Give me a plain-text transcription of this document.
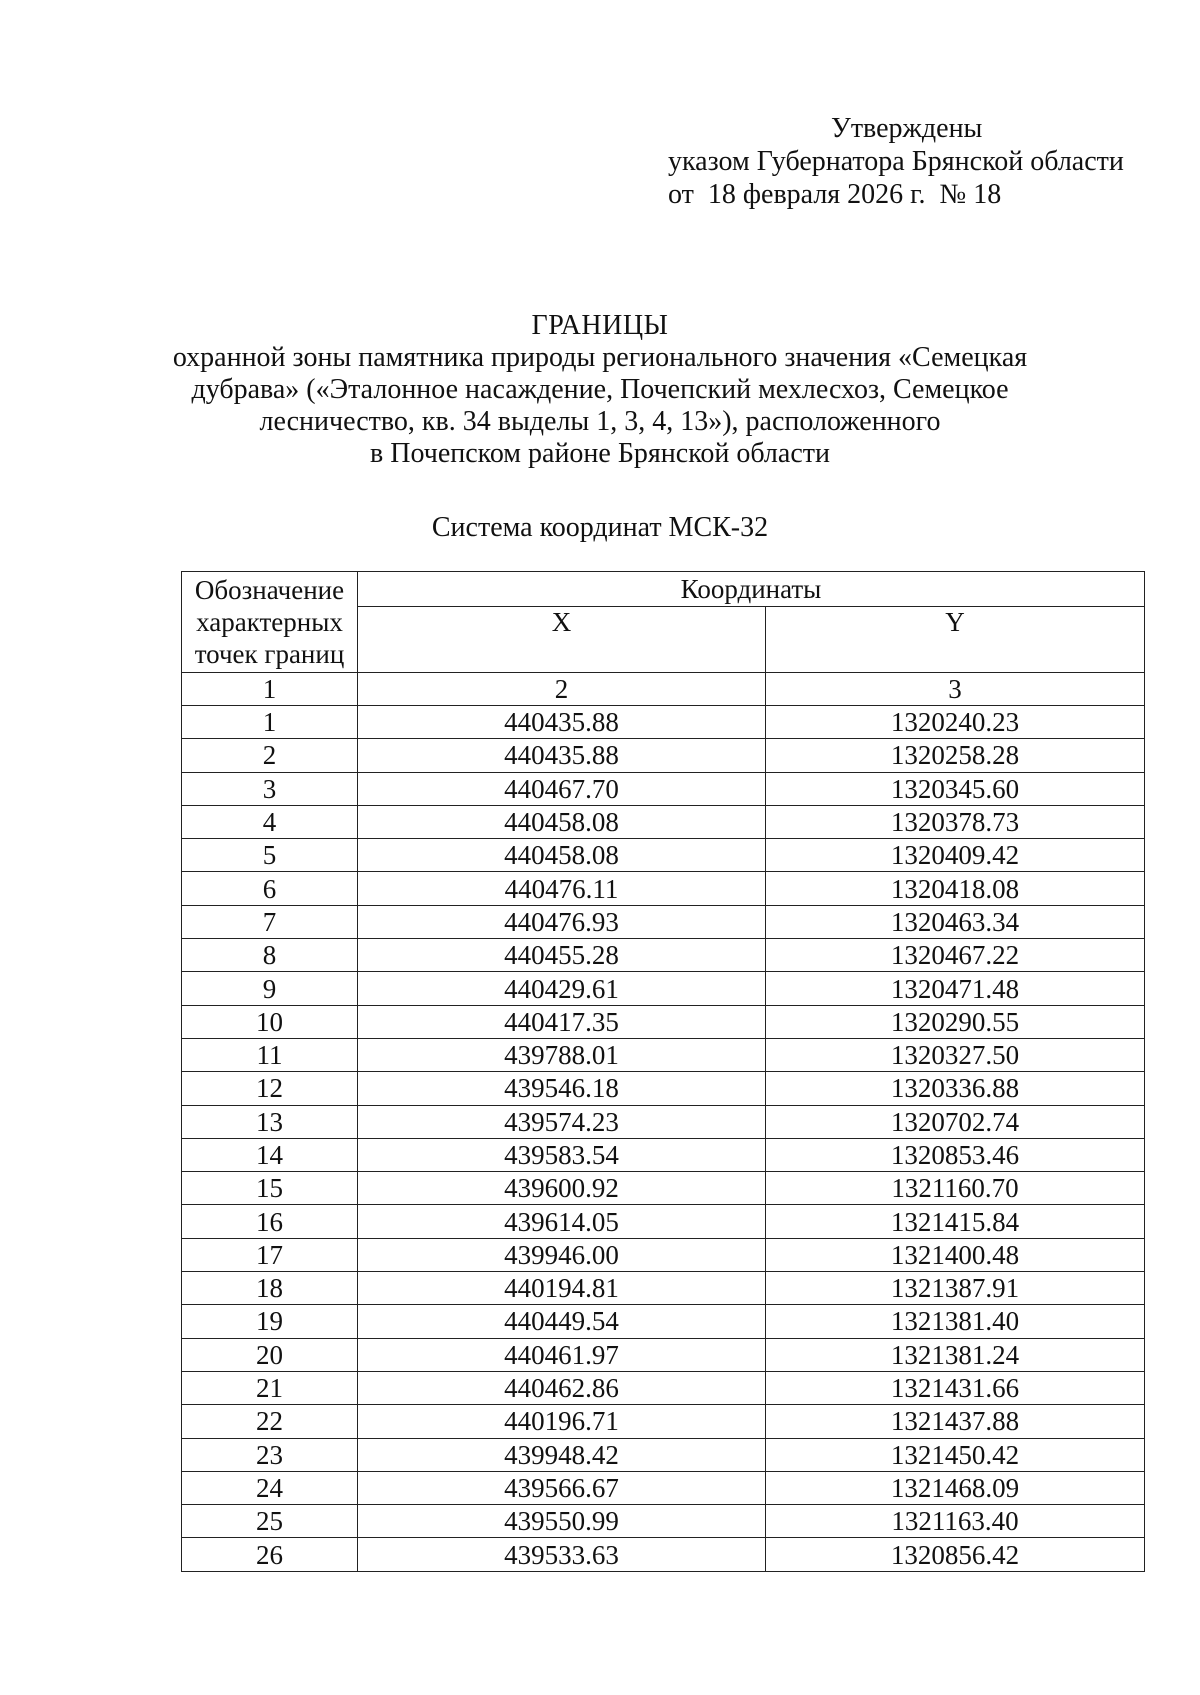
Утверждены
указом Губернатора Брянской области
от  18 февраля 2026 г.  № 18
ГРАНИЦЫ
охранной зоны памятника природы регионального значения «Семецкая
дубрава» («Эталонное насаждение, Почепский мехлесхоз, Семецкое
лесничество, кв. 34 выделы 1, 3, 4, 13»), расположенного
в Почепском районе Брянской области
Система координат МСК-32
Обозначение характерных точек границ	Координаты	
	X	Y
1	2	3
1	440435.88	1320240.23
2	440435.88	1320258.28
3	440467.70	1320345.60
4	440458.08	1320378.73
5	440458.08	1320409.42
6	440476.11	1320418.08
7	440476.93	1320463.34
8	440455.28	1320467.22
9	440429.61	1320471.48
10	440417.35	1320290.55
11	439788.01	1320327.50
12	439546.18	1320336.88
13	439574.23	1320702.74
14	439583.54	1320853.46
15	439600.92	1321160.70
16	439614.05	1321415.84
17	439946.00	1321400.48
18	440194.81	1321387.91
19	440449.54	1321381.40
20	440461.97	1321381.24
21	440462.86	1321431.66
22	440196.71	1321437.88
23	439948.42	1321450.42
24	439566.67	1321468.09
25	439550.99	1321163.40
26	439533.63	1320856.42
